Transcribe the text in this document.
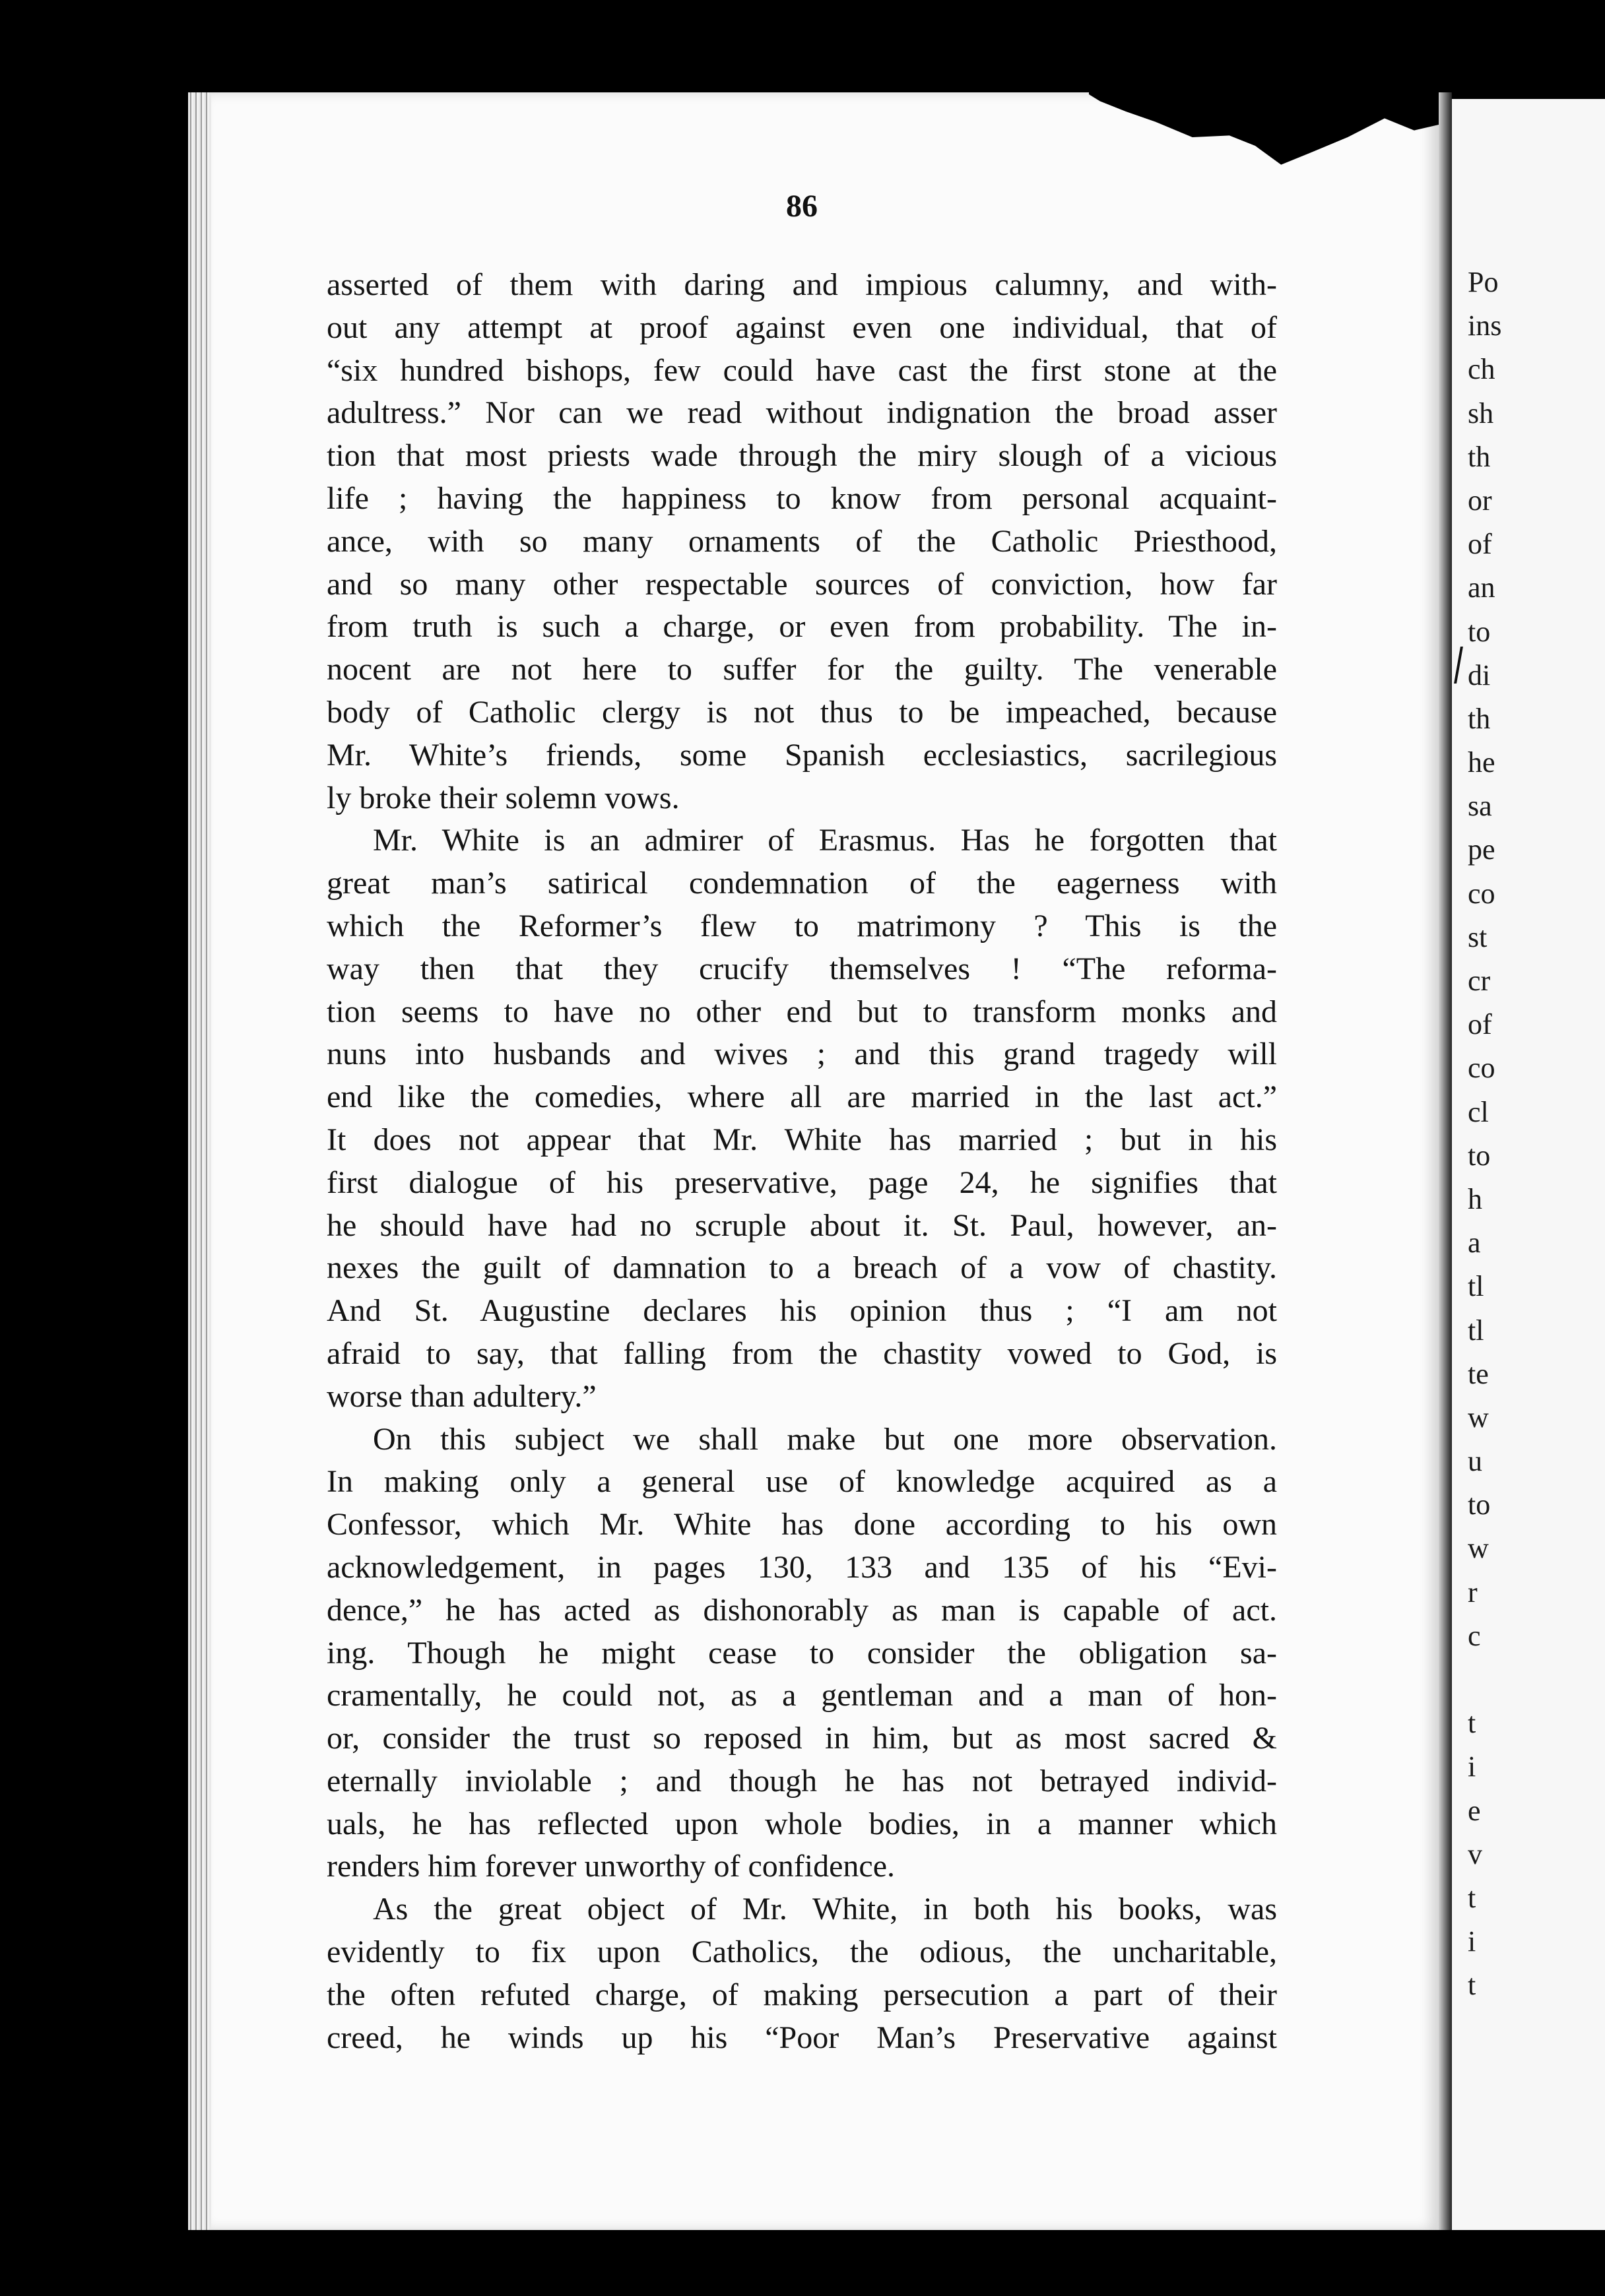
86
asserted of them with daring and impious calumny, and with-
out any attempt at proof against even one individual, that of
“six hundred bishops, few could have cast the first stone at the
adultress.” Nor can we read without indignation the broad asser
tion that most priests wade through the miry slough of a vicious
life ; having the happiness to know from personal acquaint-
ance, with so many ornaments of the Catholic Priesthood,
and so many other respectable sources of conviction, how far
from truth is such a charge, or even from probability. The in-
nocent are not here to suffer for the guilty. The venerable
body of Catholic clergy is not thus to be impeached, because
Mr. White’s friends, some Spanish ecclesiastics, sacrilegious
ly broke their solemn vows.
Mr. White is an admirer of Erasmus. Has he forgotten that
great man’s satirical condemnation of the eagerness with
which the Reformer’s flew to matrimony ? This is the
way then that they crucify themselves ! “The reforma-
tion seems to have no other end but to transform monks and
nuns into husbands and wives ; and this grand tragedy will
end like the comedies, where all are married in the last act.”
It does not appear that Mr. White has married ; but in his
first dialogue of his preservative, page 24, he signifies that
he should have had no scruple about it. St. Paul, however, an-
nexes the guilt of damnation to a breach of a vow of chastity.
And St. Augustine declares his opinion thus ; “I am not
afraid to say, that falling from the chastity vowed to God, is
worse than adultery.”
On this subject we shall make but one more observation.
In making only a general use of knowledge acquired as a
Confessor, which Mr. White has done according to his own
acknowledgement, in pages 130, 133 and 135 of his “Evi-
dence,” he has acted as dishonorably as man is capable of act.
ing. Though he might cease to consider the obligation sa-
cramentally, he could not, as a gentleman and a man of hon-
or, consider the trust so reposed in him, but as most sacred &
eternally inviolable ; and though he has not betrayed individ-
uals, he has reflected upon whole bodies, in a manner which
renders him forever unworthy of confidence.
As the great object of Mr. White, in both his books, was
evidently to fix upon Catholics, the odious, the uncharitable,
the often refuted charge, of making persecution a part of their
creed, he winds up his “Poor Man’s Preservative against
Po
ins
ch
sh
th
or
of
an
to
di
th
he
sa
pe
co
st
cr
of
co
cl
to
h
a
tl
tl
te
w
u
to
w
r
c
t
i
e
v
t
i
t
